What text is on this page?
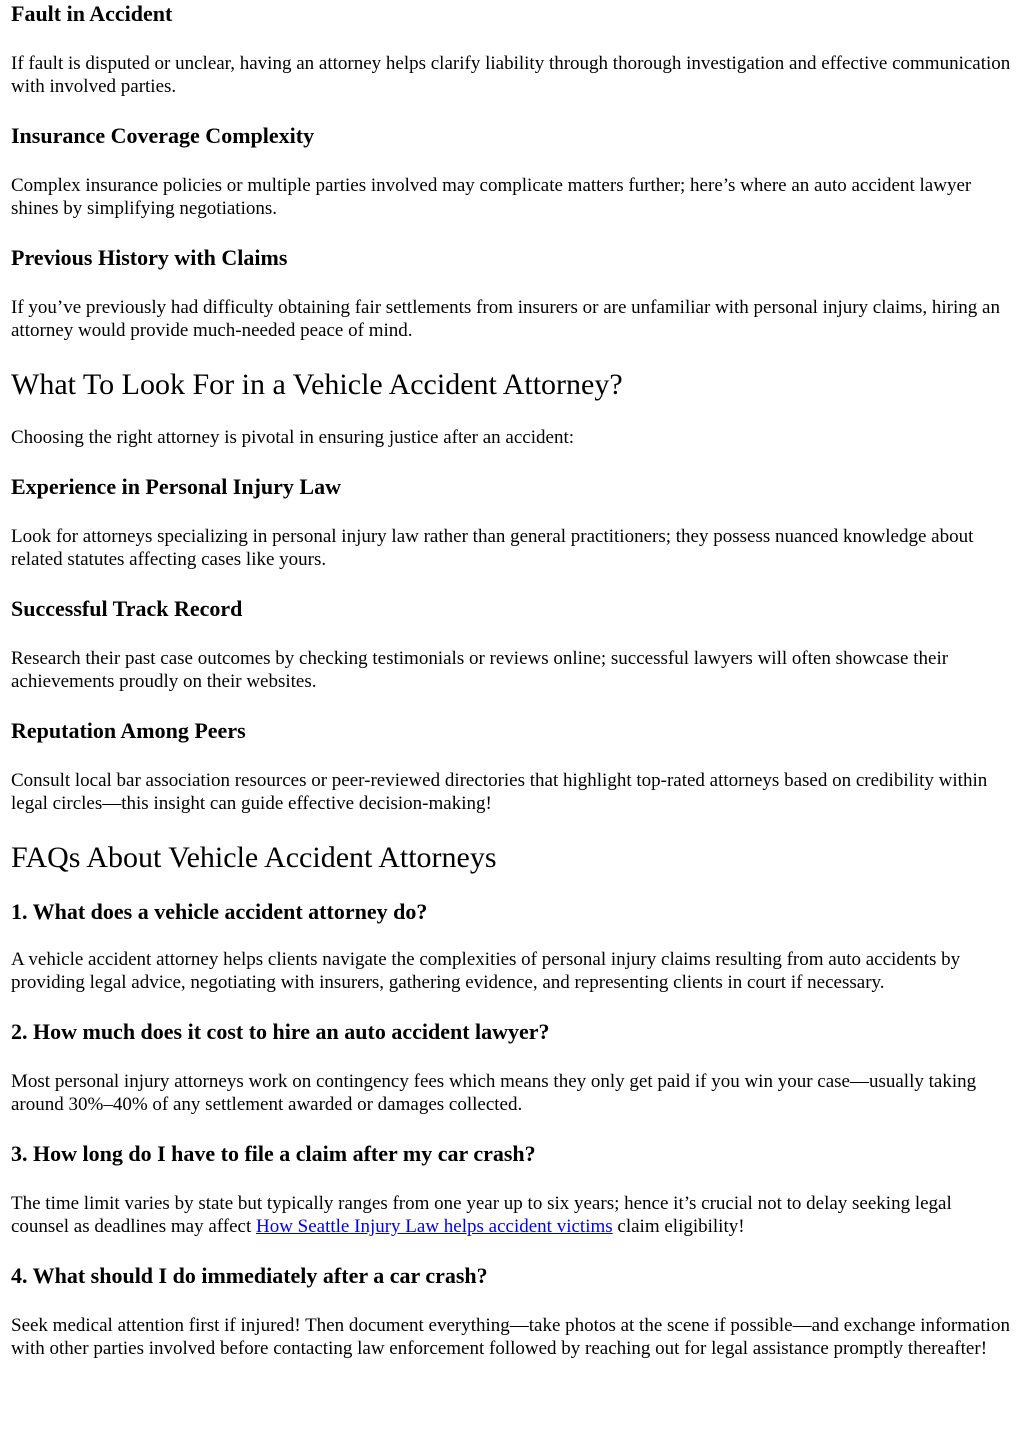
Fault in Accident

If fault is disputed or unclear, having an attorney helps clarify liability through thorough investigation and effective communication with involved parties.

Insurance Coverage Complexity

Complex insurance policies or multiple parties involved may complicate matters further; here’s where an auto accident lawyer shines by simplifying negotiations.

Previous History with Claims

If you’ve previously had difficulty obtaining fair settlements from insurers or are unfamiliar with personal injury claims, hiring an attorney would provide much-needed peace of mind.

What To Look For in a Vehicle Accident Attorney?

Choosing the right attorney is pivotal in ensuring justice after an accident:

Experience in Personal Injury Law

Look for attorneys specializing in personal injury law rather than general practitioners; they possess nuanced knowledge about related statutes affecting cases like yours.

Successful Track Record

Research their past case outcomes by checking testimonials or reviews online; successful lawyers will often showcase their achievements proudly on their websites.

Reputation Among Peers

Consult local bar association resources or peer-reviewed directories that highlight top-rated attorneys based on credibility within legal circles—this insight can guide effective decision-making!

FAQs About Vehicle Accident Attorneys
1. What does a vehicle accident attorney do?

A vehicle accident attorney helps clients navigate the complexities of personal injury claims resulting from auto accidents by providing legal advice, negotiating with insurers, gathering evidence, and representing clients in court if necessary.

2. How much does it cost to hire an auto accident lawyer?

Most personal injury attorneys work on contingency fees which means they only get paid if you win your case—usually taking around 30%–40% of any settlement awarded or damages collected.

3. How long do I have to file a claim after my car crash?

The time limit varies by state but typically ranges from one year up to six years; hence it’s crucial not to delay seeking legal counsel as deadlines may affect How Seattle Injury Law helps accident victims claim eligibility!

4. What should I do immediately after a car crash?

Seek medical attention first if injured! Then document everything—take photos at the scene if possible—and exchange information with other parties involved before contacting law enforcement followed by reaching out for legal assistance promptly thereafter!
